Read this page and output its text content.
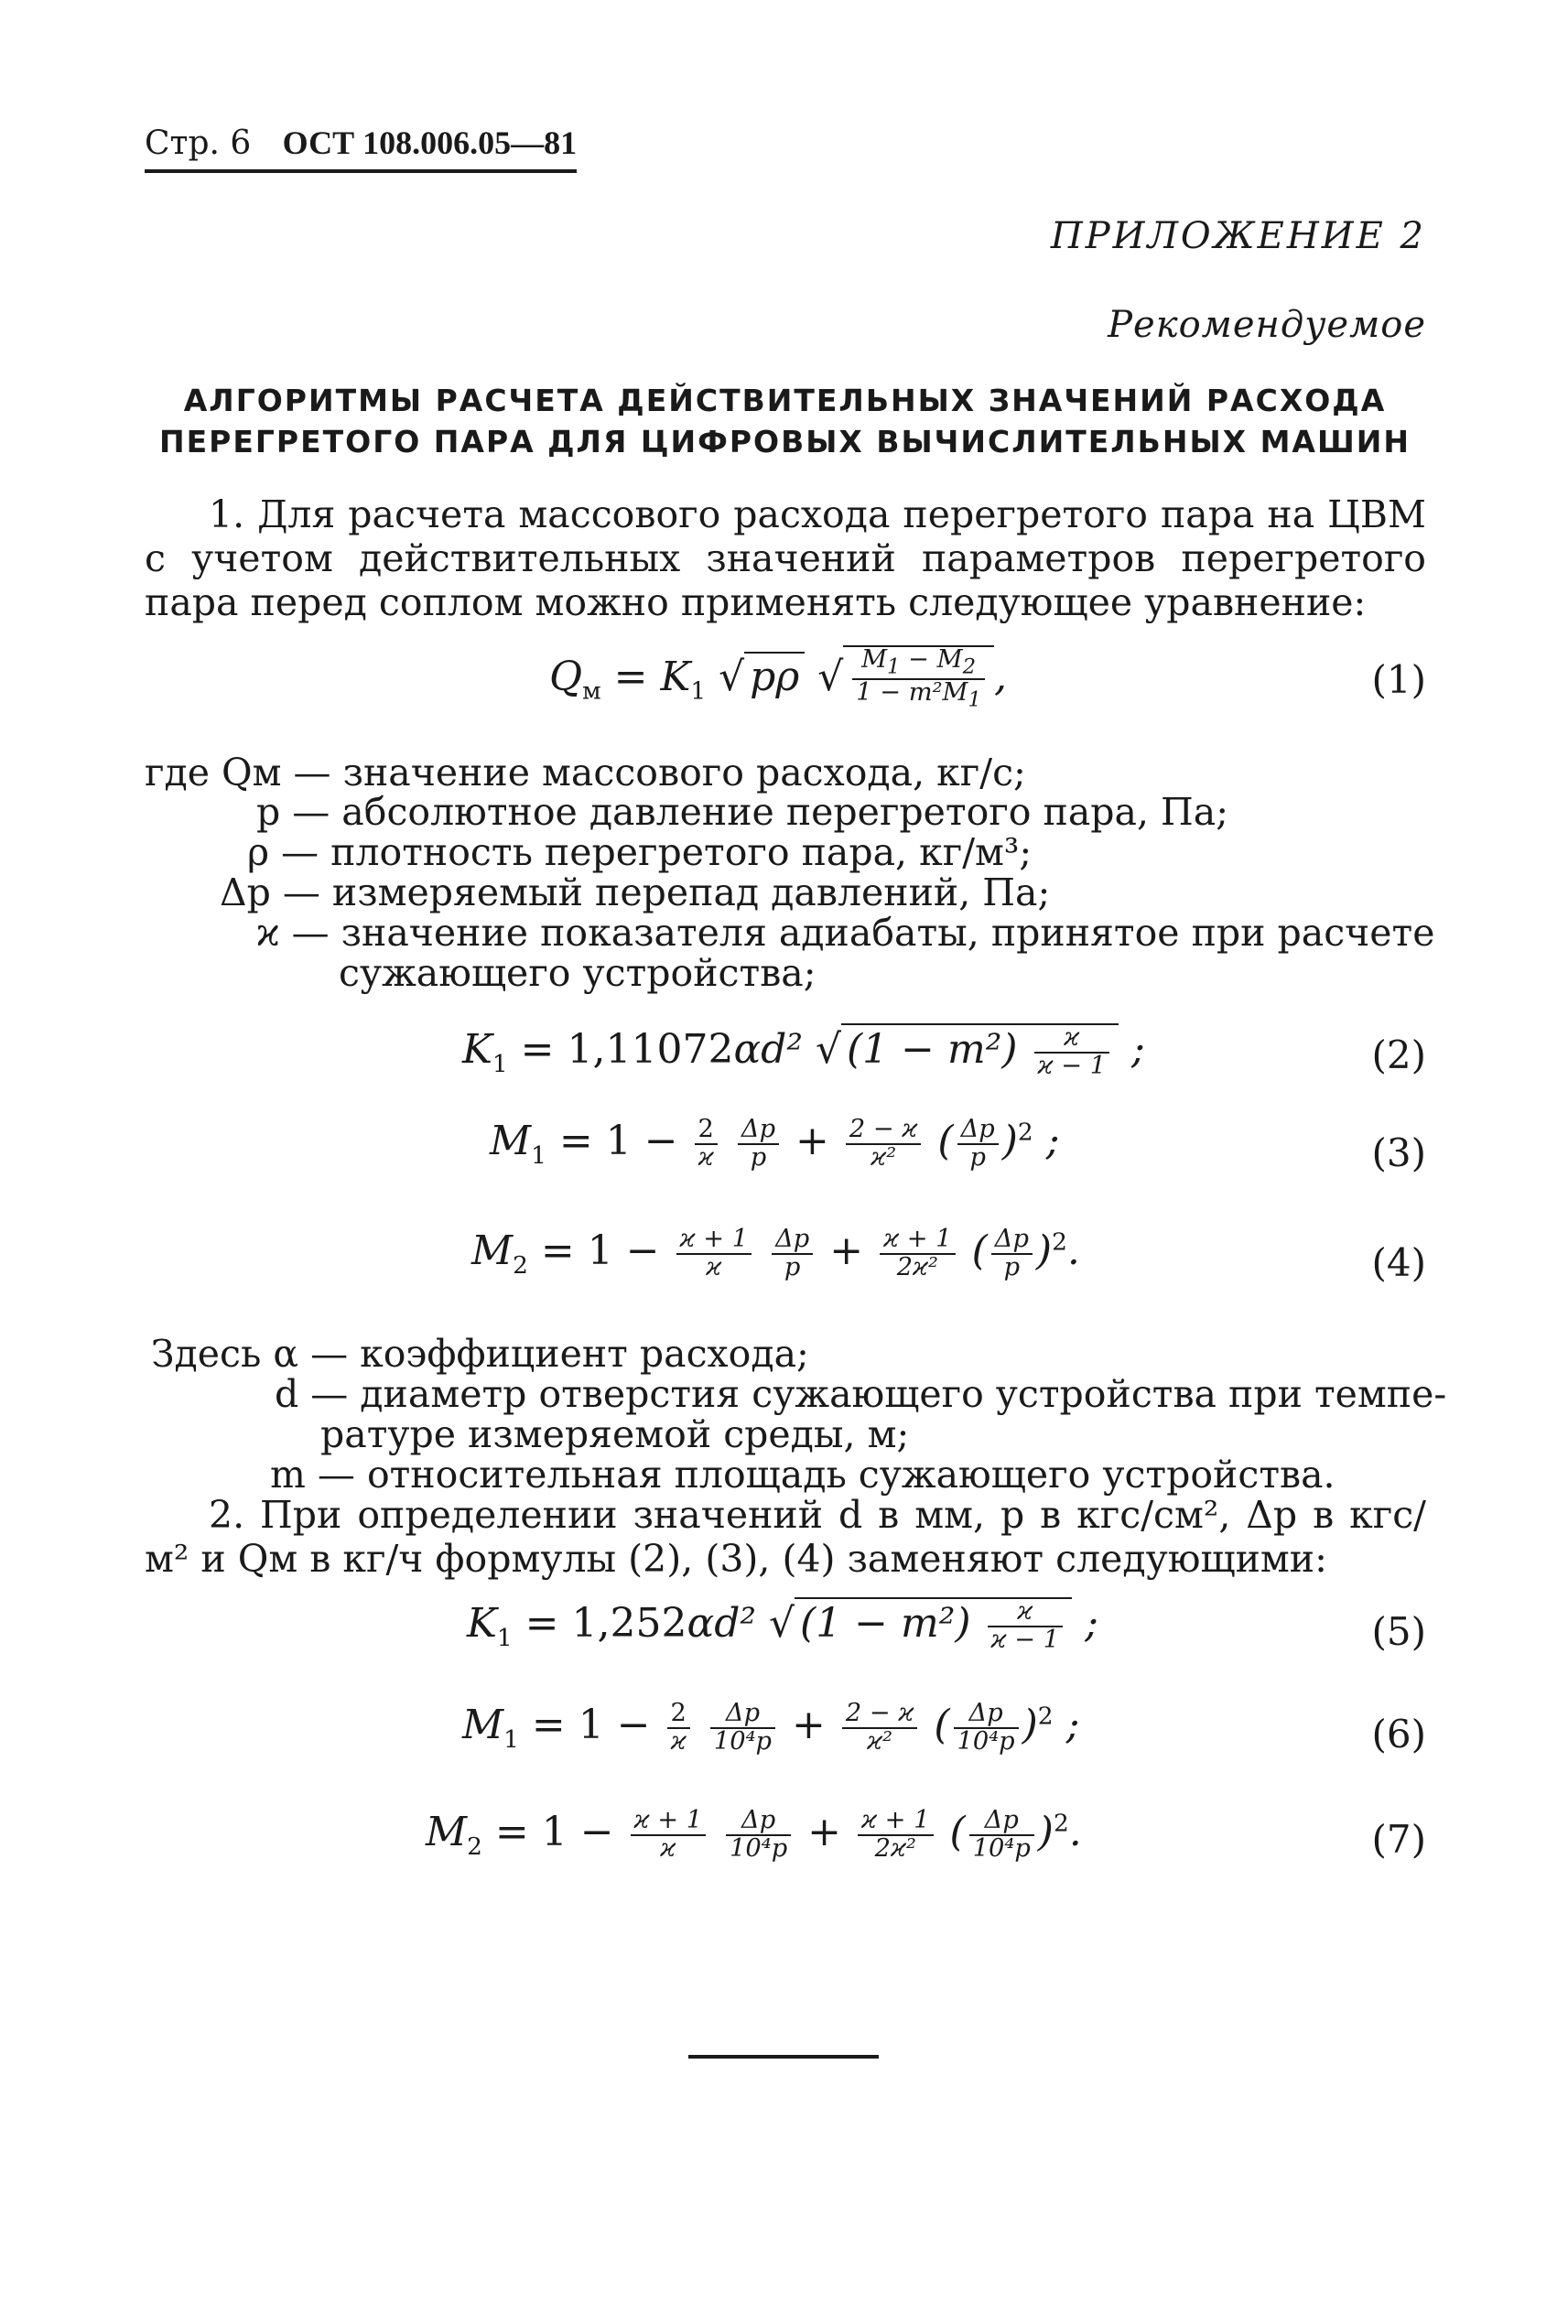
Стр. 6 ОСТ 108.006.05—81
ПРИЛОЖЕНИЕ 2
Рекомендуемое
АЛГОРИТМЫ РАСЧЕТА ДЕЙСТВИТЕЛЬНЫХ ЗНАЧЕНИЙ РАСХОДА
ПЕРЕГРЕТОГО ПАРА ДЛЯ ЦИФРОВЫХ ВЫЧИСЛИТЕЛЬНЫХ МАШИН
1. Для расчета массового расхода перегретого пара на ЦВМ с учетом действительных значений параметров перегретого пара перед соплом можно применять следующее уравнение:
$Q_м = K_1$ √ pρ √ $\frac{M_1 - M_2}{1 - m^2M_1}$ ,	(1)
где Qм — значение массового расхода, кг/с;
p — абсолютное давление перегретого пара, Па;
ρ — плотность перегретого пара, кг/м³;
Δp — измеряемый перепад давлений, Па;
ϰ — значение показателя адиабаты, принятое при расчете
сужающего устройства;
$K_1 = 1,11072\alpha d^2$ √ $(1 - m^2) \frac{ϰ}{ϰ - 1}$ ;	(2)
$M_1 = 1 - \frac{2}{ϰ}$
$\frac{\Delta p}{p} + \frac{2 - ϰ}{\text{ϰ²}}$ ( $\frac{\Delta p}{p} )^2$ ;	(3)
$M_2 = 1 - \frac{ϰ + 1}{ϰ}$
$\frac{\Delta p}{p} + \frac{ϰ + 1}{\text{2ϰ²}}$ ( $\frac{\Delta p}{p} )^2$.	(4)
Здесь α — коэффициент расхода;
d — диаметр отверстия сужающего устройства при темпе-
ратуре измеряемой среды, м;
m — относительная площадь сужающего устройства.
2. При определении значений d в мм, p в кгс/см², Δp в кгс/м² и Qм в кг/ч формулы (2), (3), (4) заменяют следующими:
$K_1 = 1,252\alpha d^2$ √ $(1 - m^2) \frac{ϰ}{ϰ - 1}$ ;	(5)
$M_1 = 1 - \frac{2}{ϰ}$
$\frac{\Delta p}{\text{10⁴p}} + \frac{2 - ϰ}{\text{ϰ²}}$ ( $\frac{\Delta p}{\text{10⁴p}} )^2$ ;	(6)
$M_2 = 1 - \frac{ϰ + 1}{ϰ}$
$\frac{\Delta p}{\text{10⁴p}} + \frac{ϰ + 1}{\text{2ϰ²}}$ ( $\frac{\Delta p}{\text{10⁴p}} )^2$.	(7)
